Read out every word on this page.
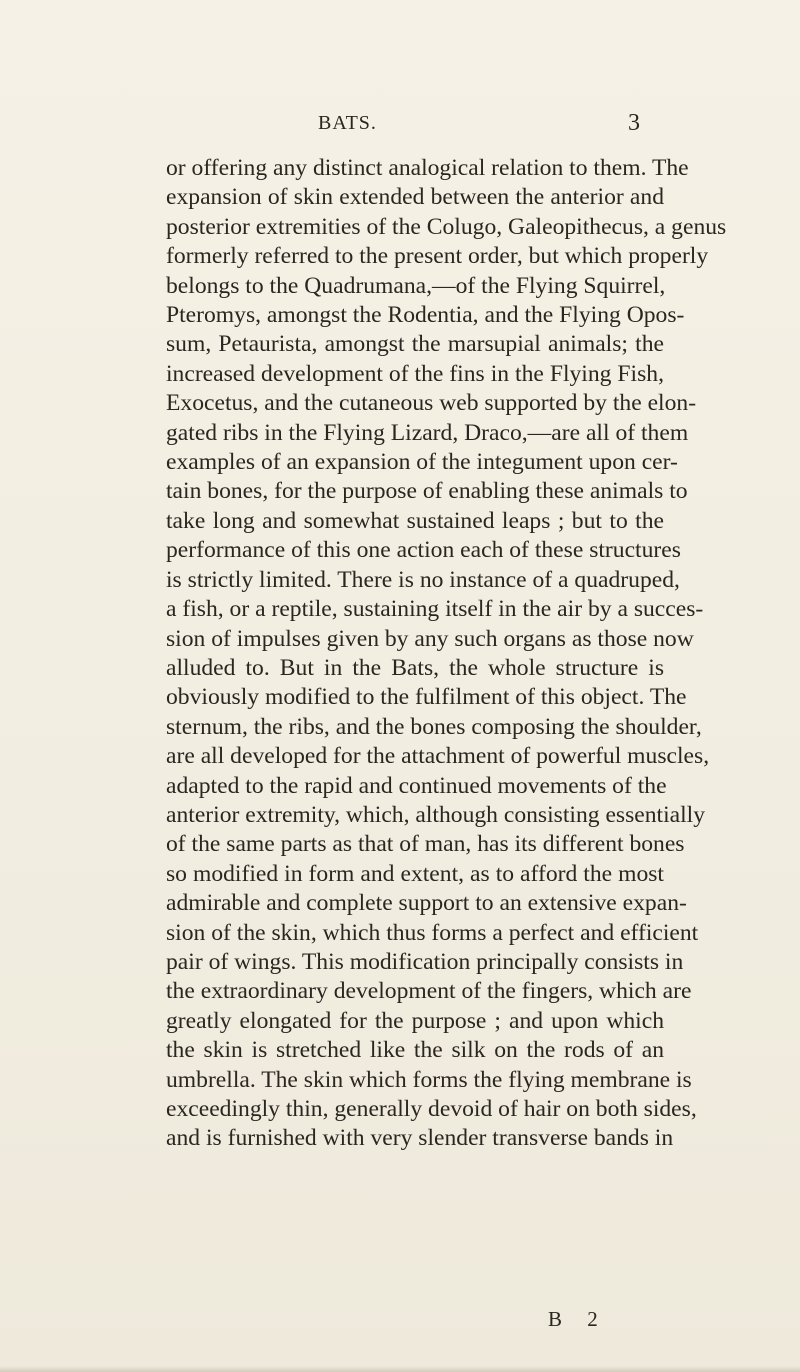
BATS.	3
or offering any distinct analogical relation to them. The
expansion of skin extended between the anterior and
posterior extremities of the Colugo, Galeopithecus, a genus
formerly referred to the present order, but which properly
belongs to the Quadrumana,—of the Flying Squirrel,
Pteromys, amongst the Rodentia, and the Flying Opos-
sum, Petaurista, amongst the marsupial animals; the
increased development of the fins in the Flying Fish,
Exocetus, and the cutaneous web supported by the elon-
gated ribs in the Flying Lizard, Draco,—are all of them
examples of an expansion of the integument upon cer-
tain bones, for the purpose of enabling these animals to
take long and somewhat sustained leaps ; but to the
performance of this one action each of these structures
is strictly limited. There is no instance of a quadruped,
a fish, or a reptile, sustaining itself in the air by a succes-
sion of impulses given by any such organs as those now
alluded to. But in the Bats, the whole structure is
obviously modified to the fulfilment of this object. The
sternum, the ribs, and the bones composing the shoulder,
are all developed for the attachment of powerful muscles,
adapted to the rapid and continued movements of the
anterior extremity, which, although consisting essentially
of the same parts as that of man, has its different bones
so modified in form and extent, as to afford the most
admirable and complete support to an extensive expan-
sion of the skin, which thus forms a perfect and efficient
pair of wings. This modification principally consists in
the extraordinary development of the fingers, which are
greatly elongated for the purpose ; and upon which
the skin is stretched like the silk on the rods of an
umbrella. The skin which forms the flying membrane is
exceedingly thin, generally devoid of hair on both sides,
and is furnished with very slender transverse bands in
B 2
